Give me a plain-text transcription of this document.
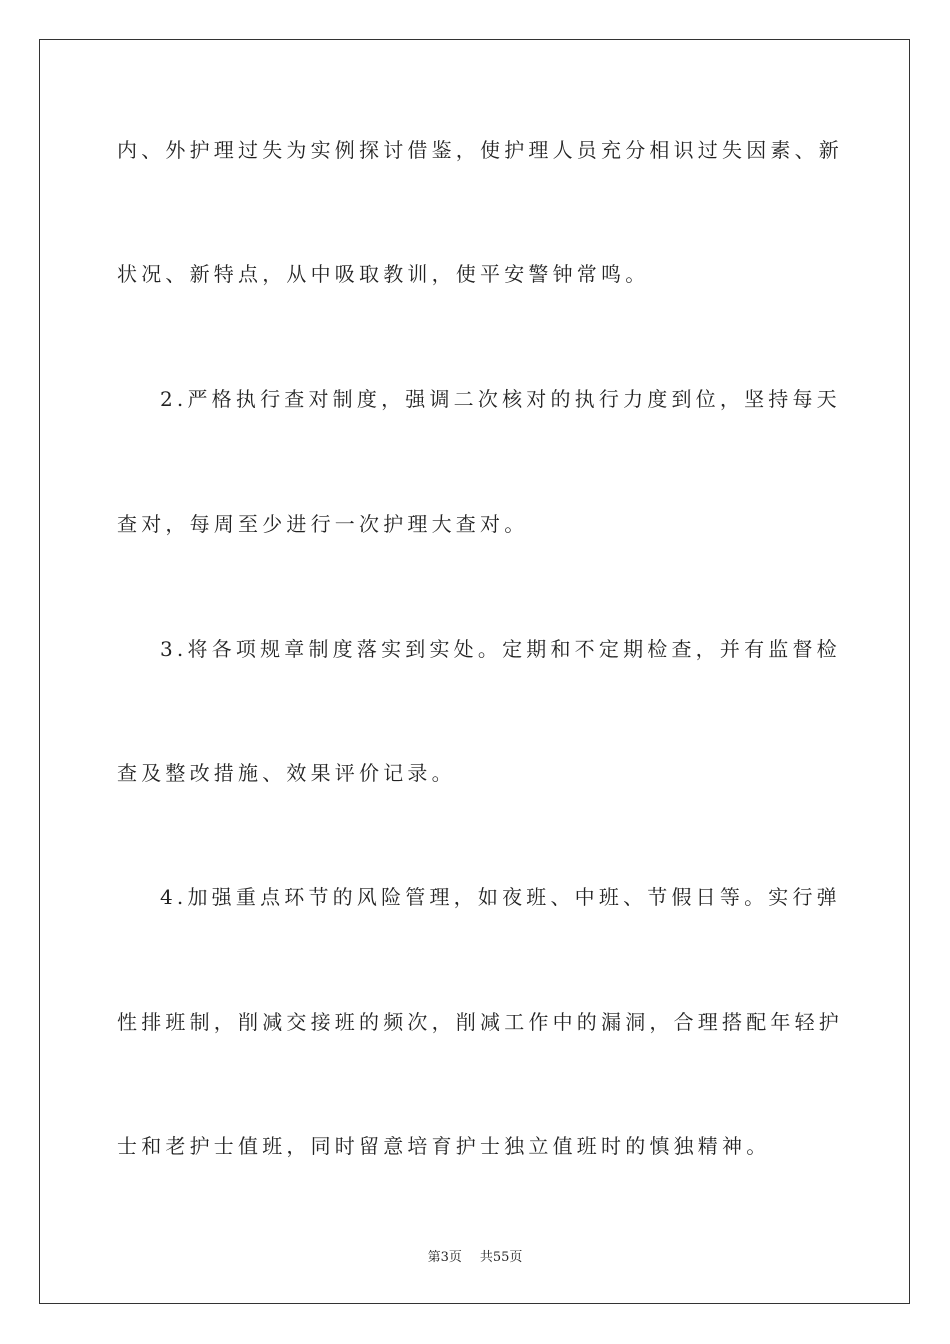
内、外护理过失为实例探讨借鉴，使护理人员充分相识过失因素、新
状况、新特点，从中吸取教训，使平安警钟常鸣。
2.严格执行查对制度，强调二次核对的执行力度到位，坚持每天
查对，每周至少进行一次护理大查对。
3.将各项规章制度落实到实处。定期和不定期检查，并有监督检
查及整改措施、效果评价记录。
4.加强重点环节的风险管理，如夜班、中班、节假日等。实行弹
性排班制，削减交接班的频次，削减工作中的漏洞，合理搭配年轻护
士和老护士值班，同时留意培育护士独立值班时的慎独精神。
第3页 共55页
